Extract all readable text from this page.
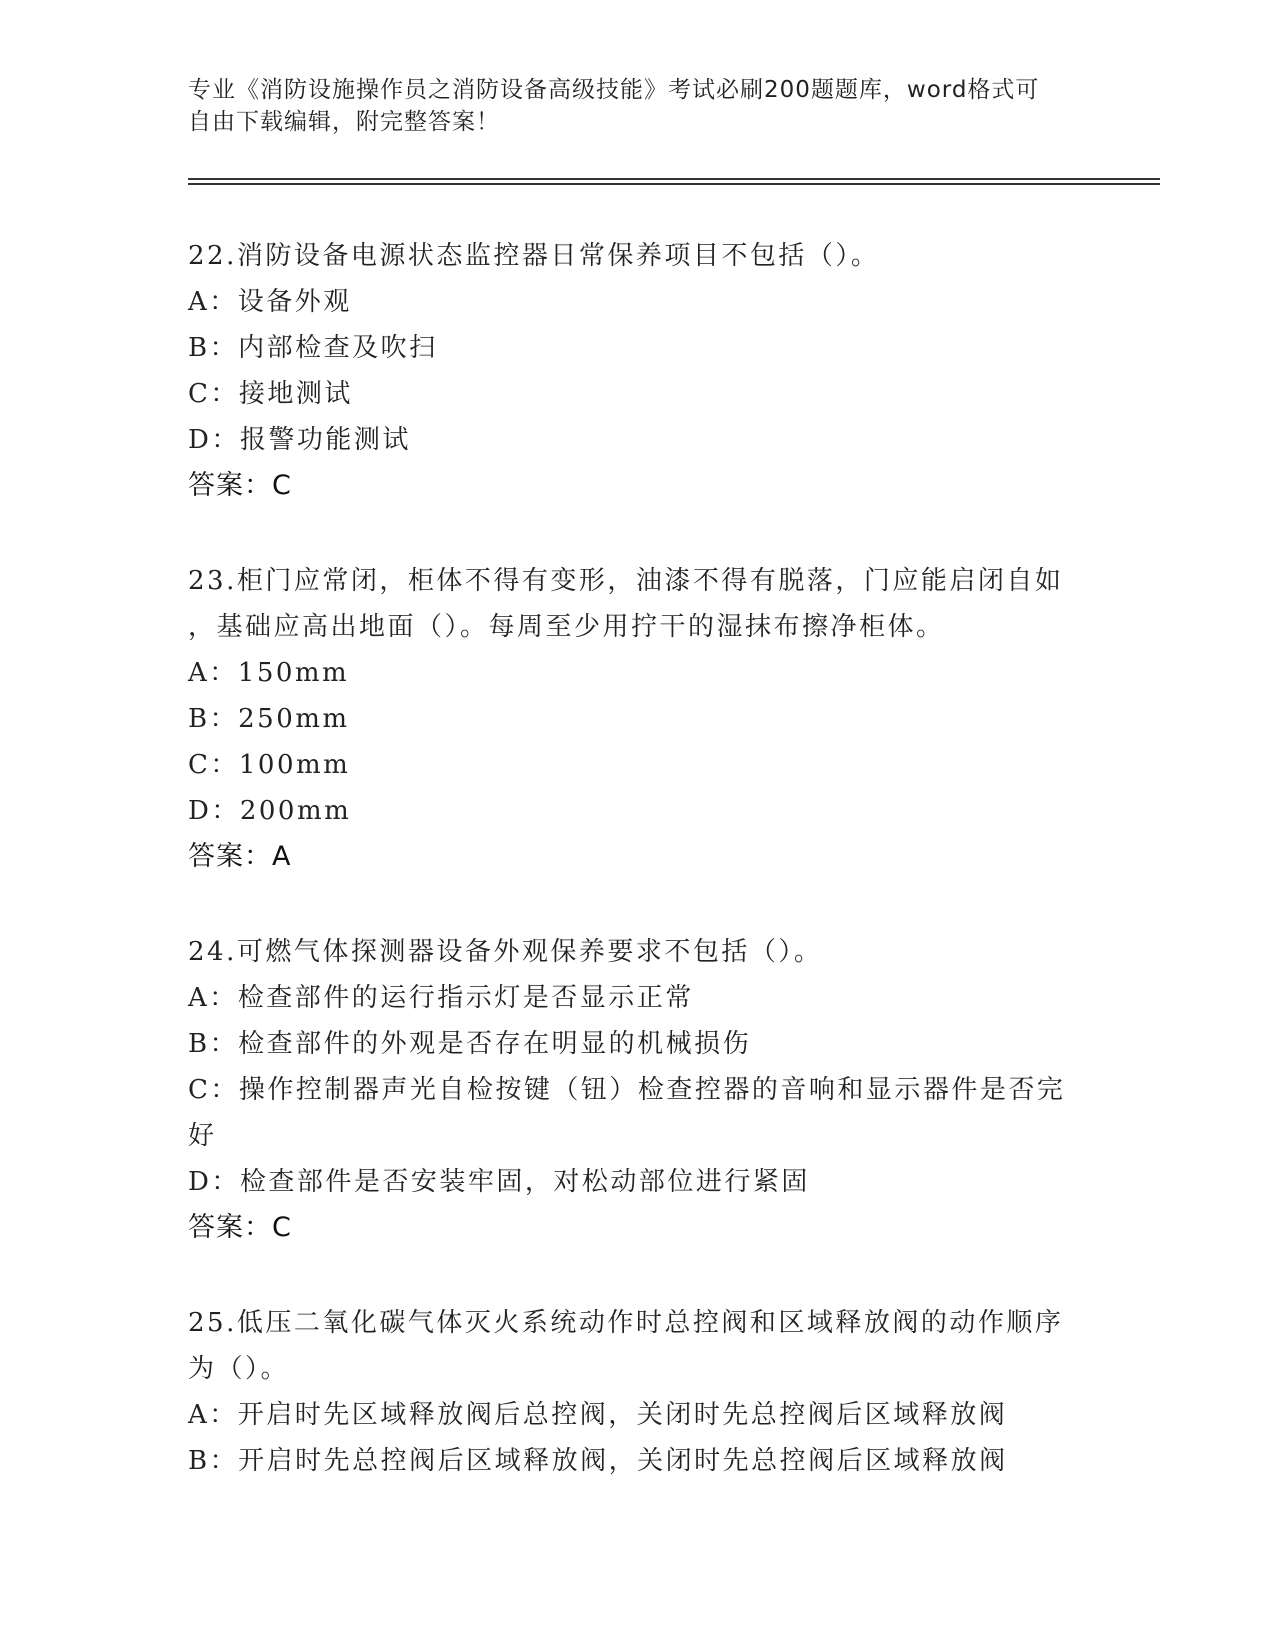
专业《消防设施操作员之消防设备高级技能》考试必刷200题题库，word格式可
自由下载编辑，附完整答案！

22.消防设备电源状态监控器日常保养项目不包括（）。

A：设备外观

B：内部检查及吹扫

C：接地测试

D：报警功能测试

答案：C

23.柜门应常闭，柜体不得有变形，油漆不得有脱落，门应能启闭自如

，基础应高出地面（）。每周至少用拧干的湿抹布擦净柜体。

A：150mm

B：250mm

C：100mm

D：200mm

答案：A

24.可燃气体探测器设备外观保养要求不包括（）。

A：检查部件的运行指示灯是否显示正常

B：检查部件的外观是否存在明显的机械损伤

C：操作控制器声光自检按键（钮）检查控器的音响和显示器件是否完

好

D：检查部件是否安装牢固，对松动部位进行紧固

答案：C

25.低压二氧化碳气体灭火系统动作时总控阀和区域释放阀的动作顺序

为（）。

A：开启时先区域释放阀后总控阀，关闭时先总控阀后区域释放阀

B：开启时先总控阀后区域释放阀，关闭时先总控阀后区域释放阀
